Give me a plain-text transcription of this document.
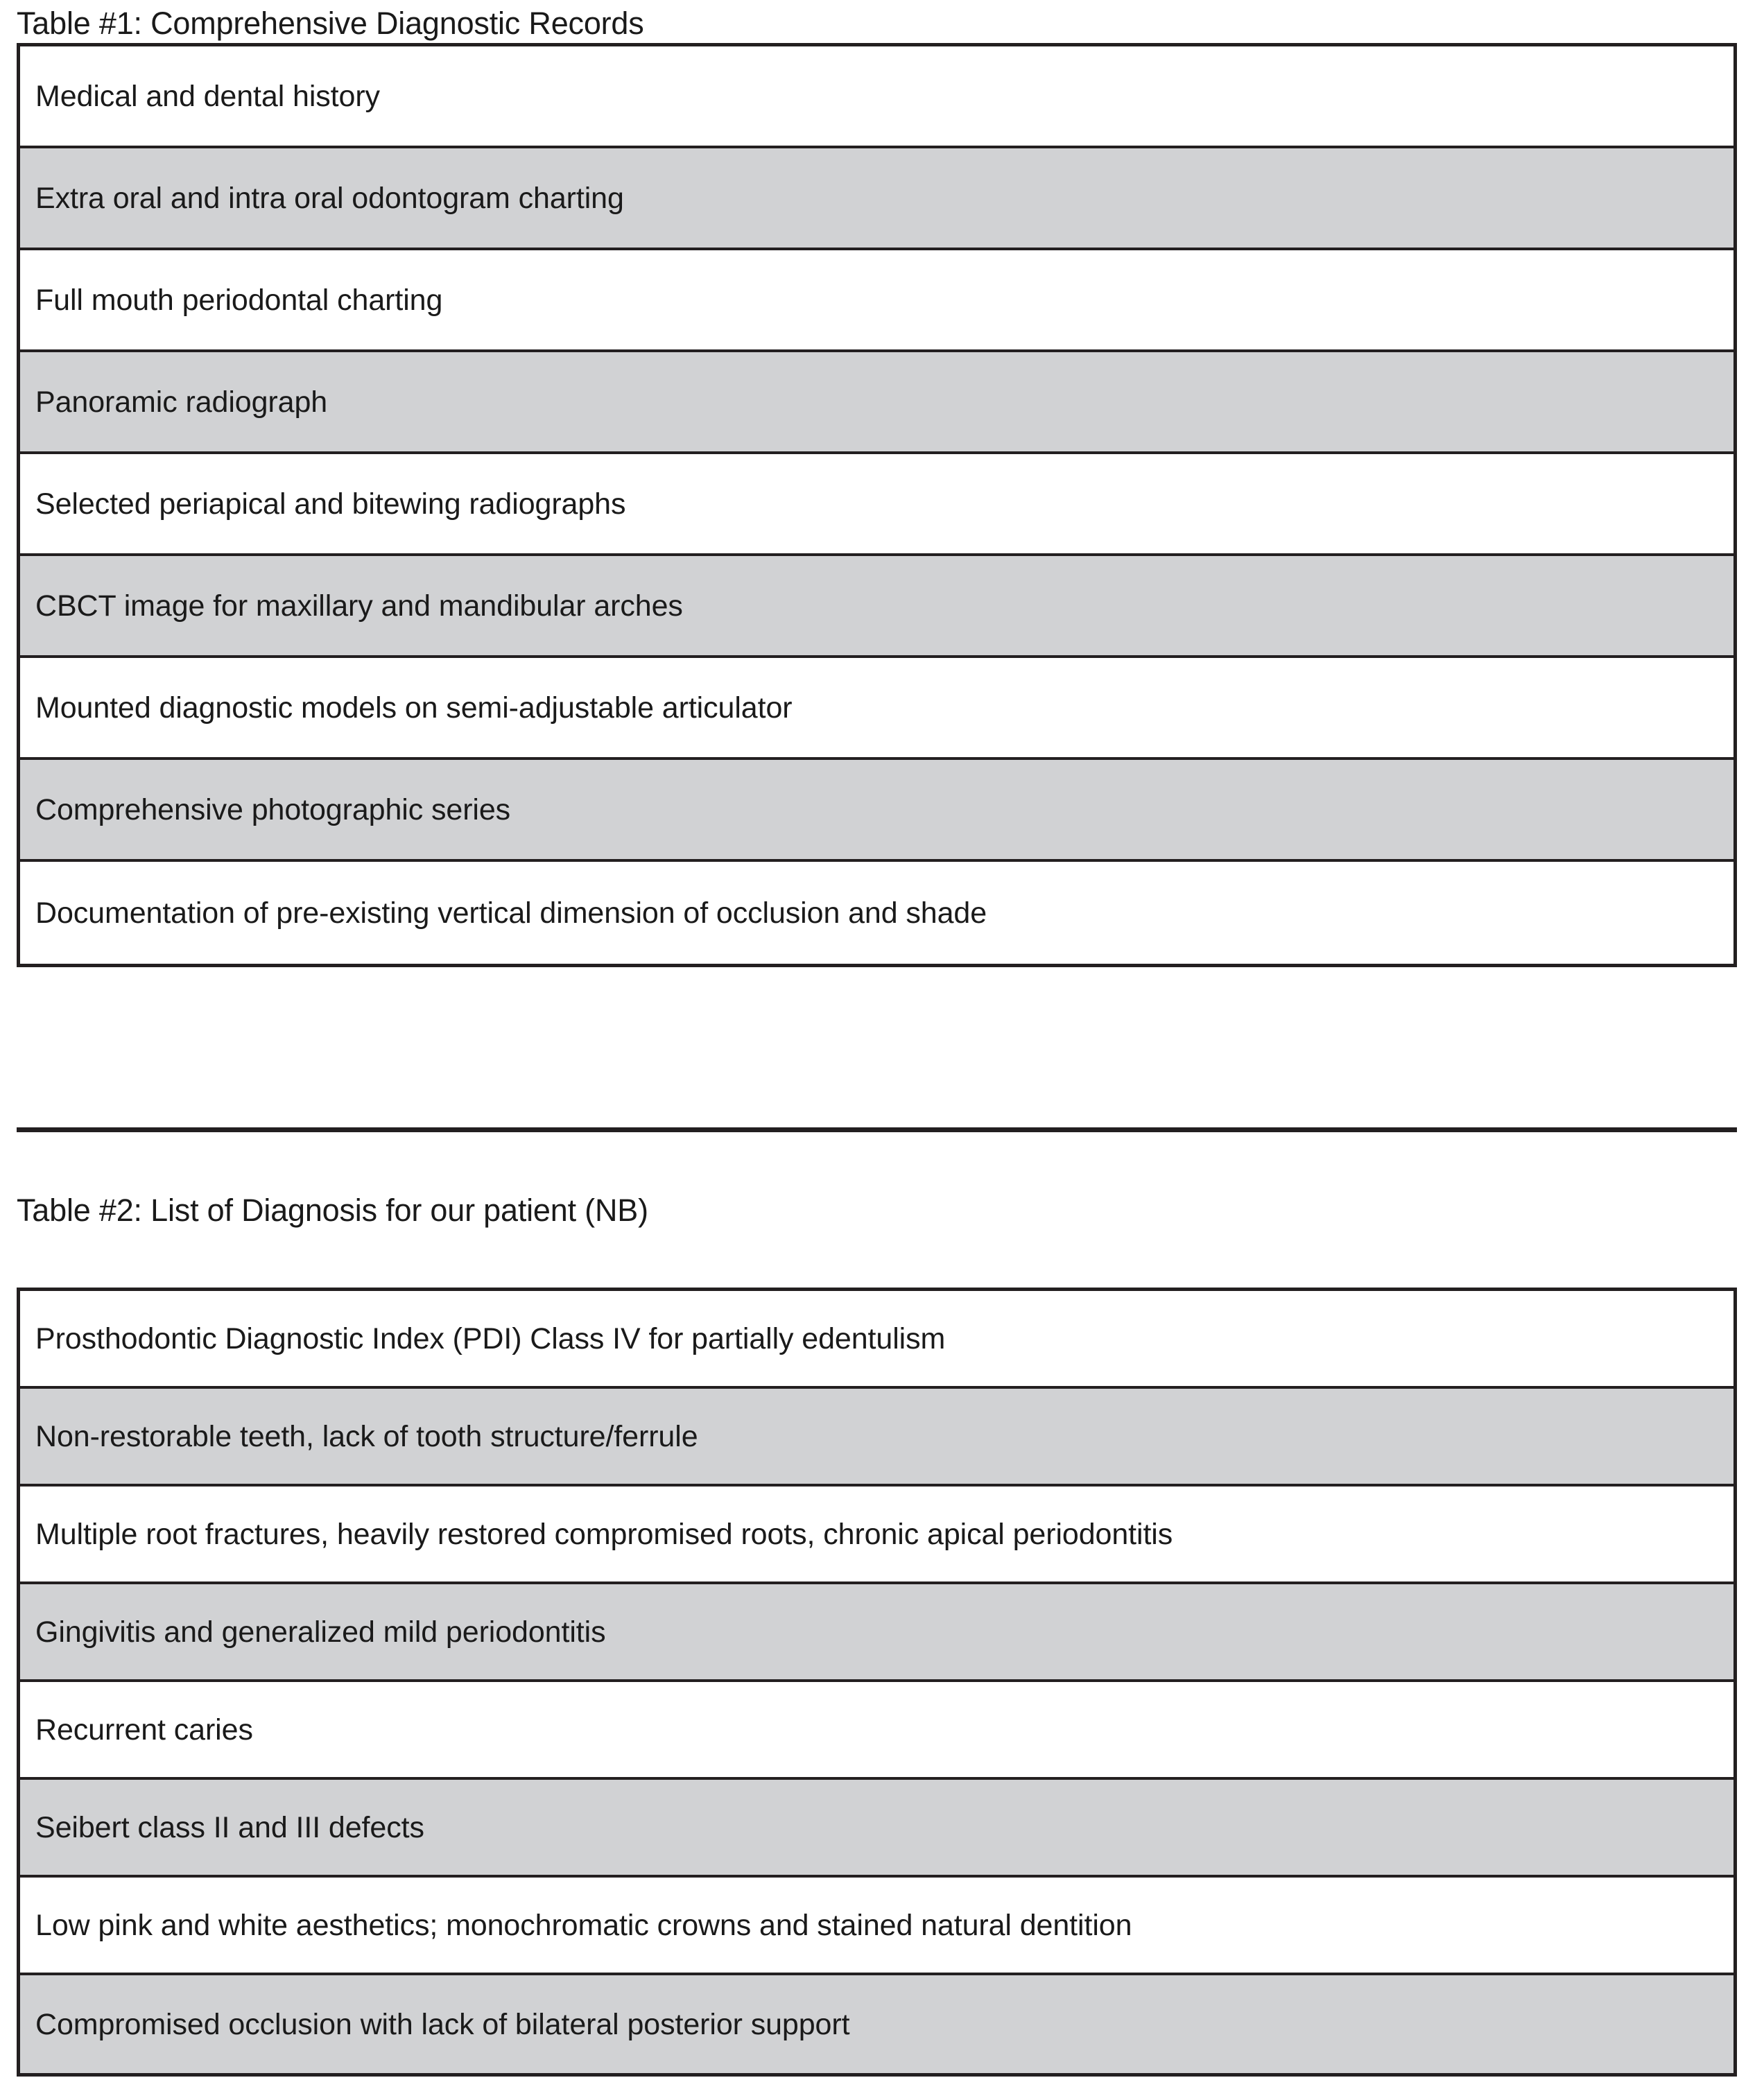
Table #1: Comprehensive Diagnostic Records
Medical and dental history
Extra oral and intra oral odontogram charting
Full mouth periodontal charting
Panoramic radiograph
Selected periapical and bitewing radiographs
CBCT image for maxillary and mandibular arches
Mounted diagnostic models on semi-adjustable articulator
Comprehensive photographic series
Documentation of pre-existing vertical dimension of occlusion and shade
Table #2: List of Diagnosis for our patient (NB)
Prosthodontic Diagnostic Index (PDI) Class IV for partially edentulism
Non-restorable teeth, lack of tooth structure/ferrule
Multiple root fractures, heavily restored compromised roots, chronic apical periodontitis
Gingivitis and generalized mild periodontitis
Recurrent caries
Seibert class II and III defects
Low pink and white aesthetics; monochromatic crowns and stained natural dentition
Compromised occlusion with lack of bilateral posterior support
